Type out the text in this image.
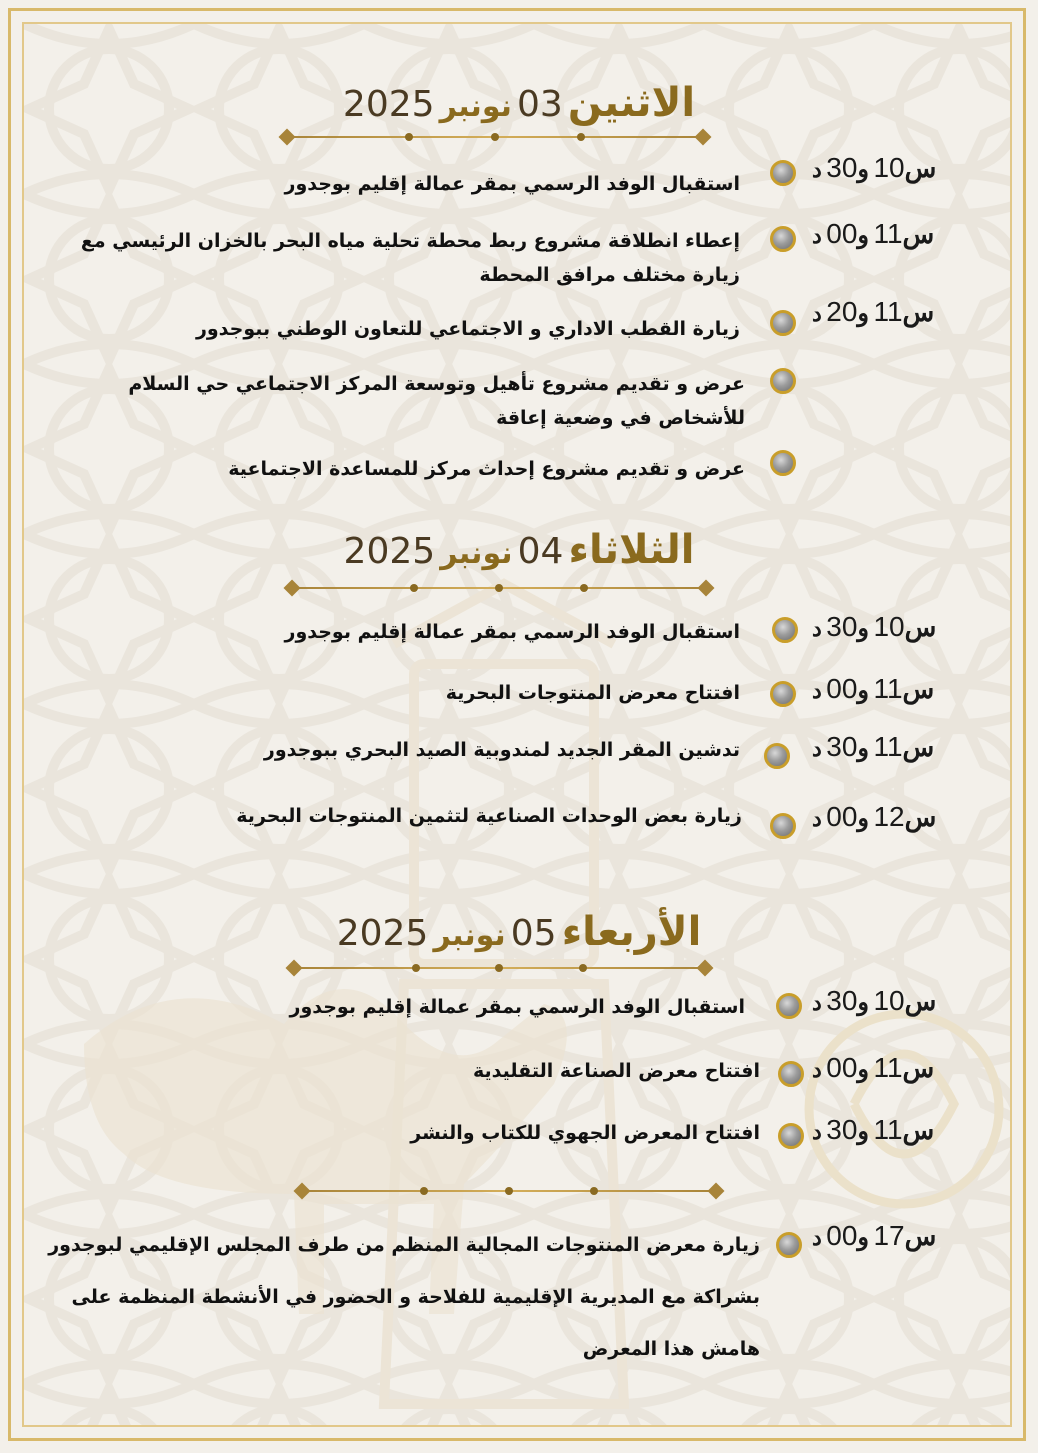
الاثنين 03 نونبر 2025
س10 و30 د
استقبال الوفد الرسمي بمقر عمالة إقليم بوجدور
س11 و00 د
إعطاء انطلاقة مشروع ربط محطة تحلية مياه البحر بالخزان الرئيسي مع زيارة مختلف مرافق المحطة
س11 و20 د
زيارة القطب الاداري و الاجتماعي للتعاون الوطني ببوجدور
عرض و تقديم مشروع تأهيل وتوسعة المركز الاجتماعي حي السلام للأشخاص في وضعية إعاقة
عرض و تقديم مشروع إحداث مركز للمساعدة الاجتماعية
الثلاثاء 04 نونبر 2025
س10 و30 د
استقبال الوفد الرسمي بمقر عمالة إقليم بوجدور
س11 و00 د
افتتاح معرض المنتوجات البحرية
س11 و30 د
تدشين المقر الجديد لمندوبية الصيد البحري ببوجدور
س12 و00 د
زيارة بعض الوحدات الصناعية لتثمين المنتوجات البحرية
الأربعاء 05 نونبر 2025
س10 و30 د
استقبال الوفد الرسمي بمقر عمالة إقليم بوجدور
س11 و00 د
افتتاح معرض الصناعة التقليدية
س11 و30 د
افتتاح المعرض الجهوي للكتاب والنشر
س17 و00 د
زيارة معرض المنتوجات المجالية المنظم من طرف المجلس الإقليمي لبوجدور بشراكة مع المديرية الإقليمية للفلاحة و الحضور في الأنشطة المنظمة على هامش هذا المعرض
